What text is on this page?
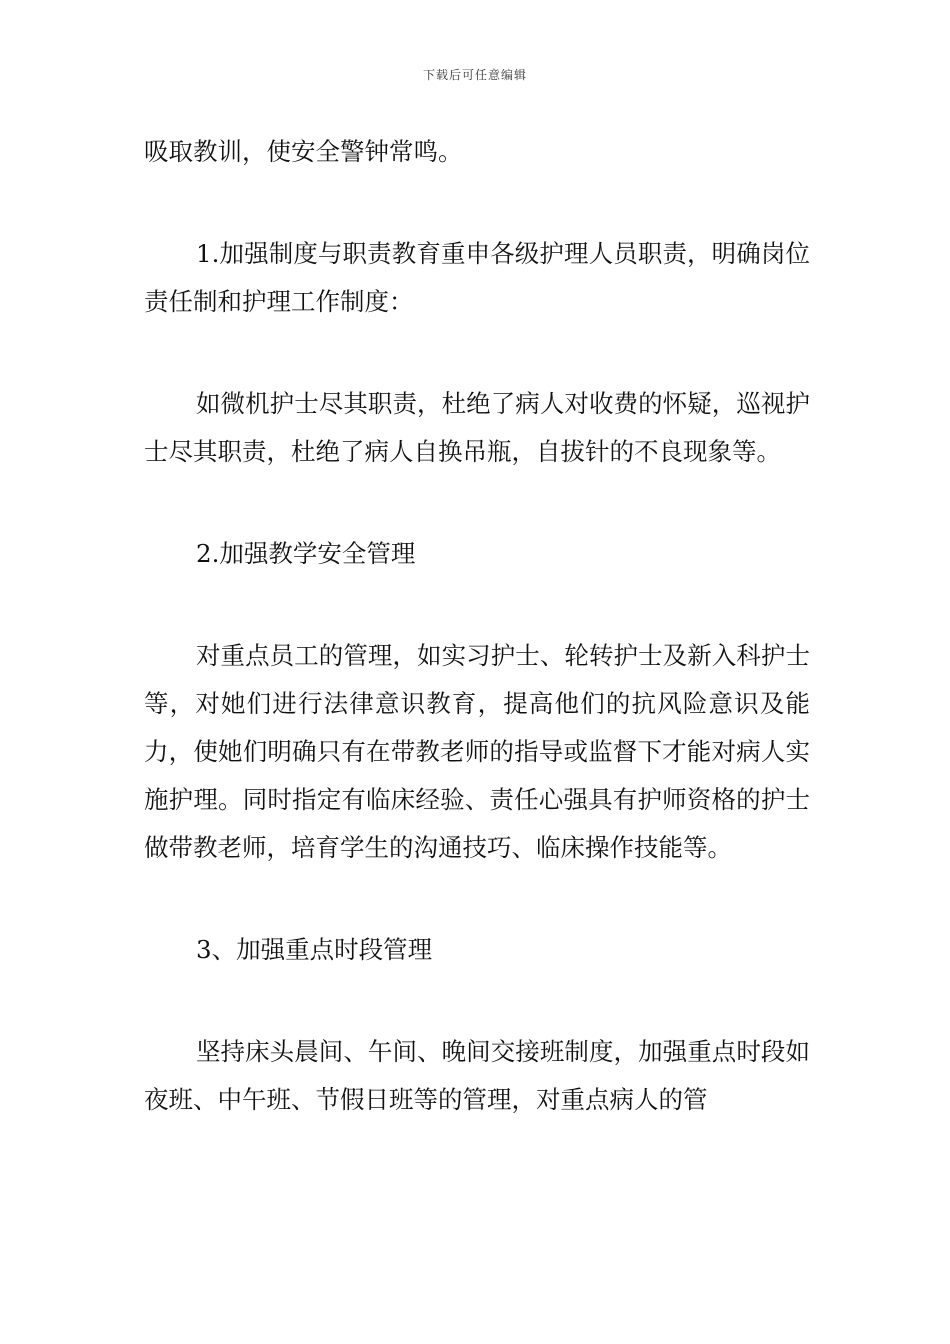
下载后可任意编辑

吸取教训，使安全警钟常鸣。

1.加强制度与职责教育重申各级护理人员职责，明确岗位责任制和护理工作制度：

如微机护士尽其职责，杜绝了病人对收费的怀疑，巡视护士尽其职责，杜绝了病人自换吊瓶，自拔针的不良现象等。

2.加强教学安全管理

对重点员工的管理，如实习护士、轮转护士及新入科护士等，对她们进行法律意识教育，提高他们的抗风险意识及能力，使她们明确只有在带教老师的指导或监督下才能对病人实施护理。同时指定有临床经验、责任心强具有护师资格的护士做带教老师，培育学生的沟通技巧、临床操作技能等。

3、加强重点时段管理

坚持床头晨间、午间、晚间交接班制度，加强重点时段如夜班、中午班、节假日班等的管理，对重点病人的管
